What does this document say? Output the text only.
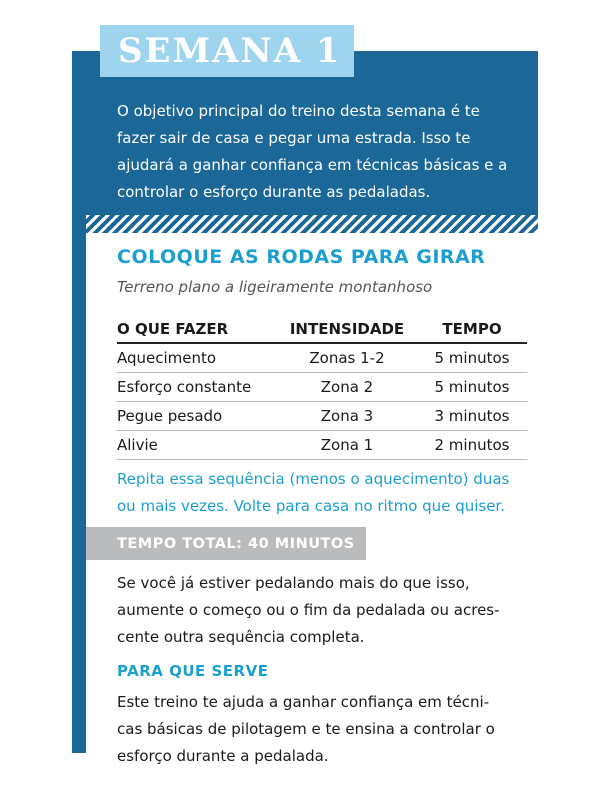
SEMANA 1

O objetivo principal do treino desta semana é te

fazer sair de casa e pegar uma estrada. Isso te

ajudará a ganhar confiança em técnicas básicas e a

controlar o esforço durante as pedaladas.

COLOQUE AS RODAS PARA GIRAR
Terreno plano a ligeiramente montanhoso
O QUE FAZER	INTENSIDADE	TEMPO
Aquecimento	Zonas 1-2	5 minutos
Esforço constante	Zona 2	5 minutos
Pegue pesado	Zona 3	3 minutos
Alivie	Zona 1	2 minutos

Repita essa sequência (menos o aquecimento) duas

ou mais vezes. Volte para casa no ritmo que quiser.

TEMPO TOTAL: 40 MINUTOS

Se você já estiver pedalando mais do que isso,

aumente o começo ou o fim da pedalada ou acres-

cente outra sequência completa.

PARA QUE SERVE

Este treino te ajuda a ganhar confiança em técni-

cas básicas de pilotagem e te ensina a controlar o

esforço durante a pedalada.
